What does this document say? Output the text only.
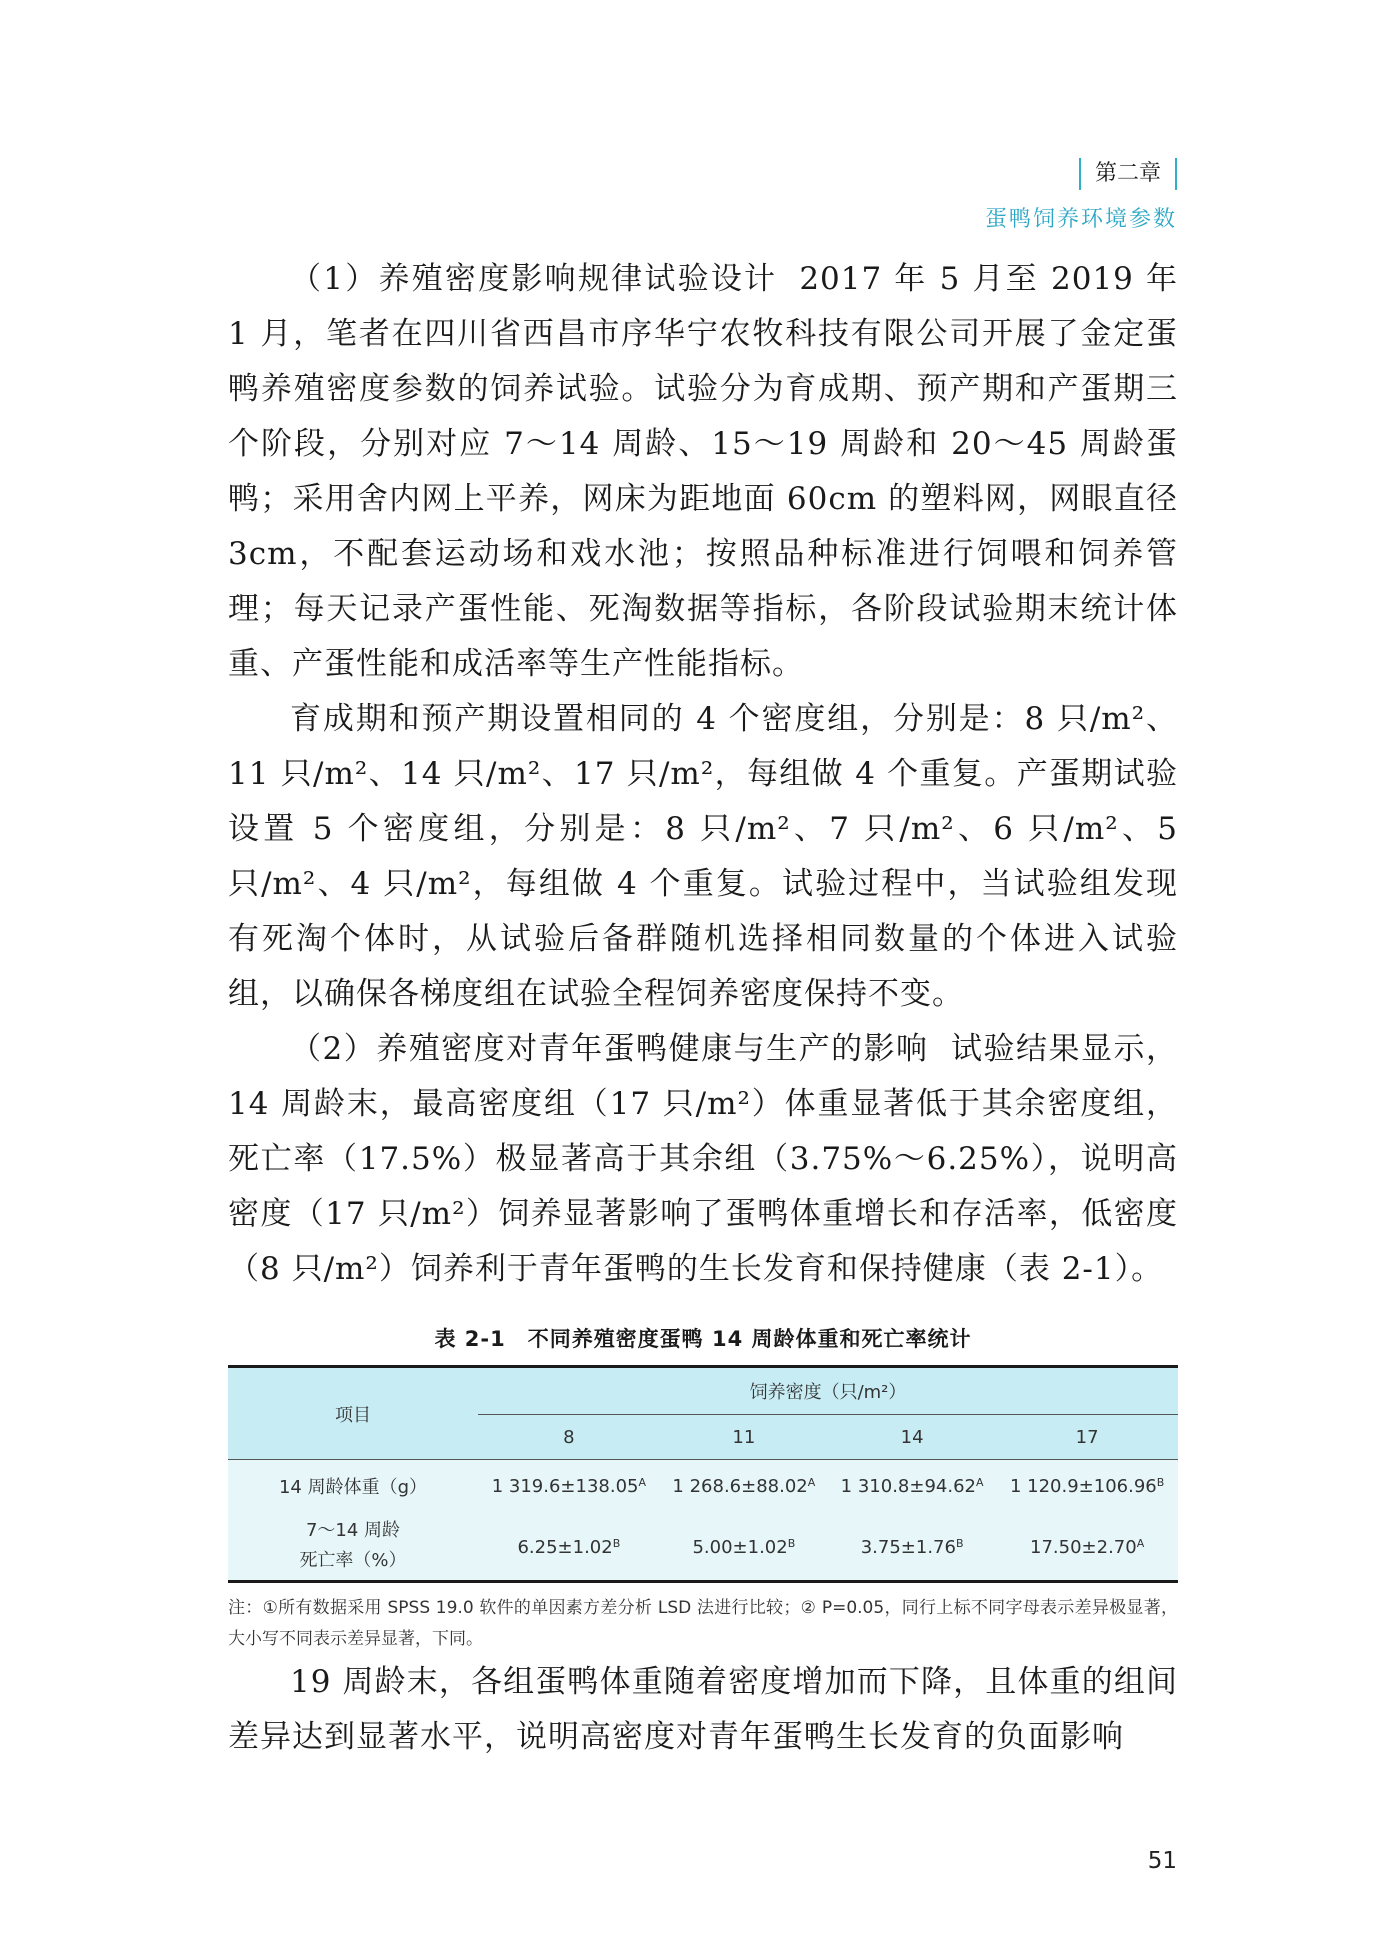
第二章
蛋鸭饲养环境参数

（1）养殖密度影响规律试验设计 2017 年 5 月至 2019 年 1 月，笔者在四川省西昌市序华宁农牧科技有限公司开展了金定蛋鸭养殖密度参数的饲养试验。试验分为育成期、预产期和产蛋期三个阶段，分别对应 7～14 周龄、15～19 周龄和 20～45 周龄蛋鸭；采用舍内网上平养，网床为距地面 60cm 的塑料网，网眼直径 3cm，不配套运动场和戏水池；按照品种标准进行饲喂和饲养管理；每天记录产蛋性能、死淘数据等指标，各阶段试验期末统计体重、产蛋性能和成活率等生产性能指标。

育成期和预产期设置相同的 4 个密度组，分别是：8 只/m²、11 只/m²、14 只/m²、17 只/m²，每组做 4 个重复。产蛋期试验设置 5 个密度组，分别是：8 只/m²、7 只/m²、6 只/m²、5 只/m²、4 只/m²，每组做 4 个重复。试验过程中，当试验组发现有死淘个体时，从试验后备群随机选择相同数量的个体进入试验组，以确保各梯度组在试验全程饲养密度保持不变。

（2）养殖密度对青年蛋鸭健康与生产的影响 试验结果显示，14 周龄末，最高密度组（17 只/m²）体重显著低于其余密度组，死亡率（17.5%）极显著高于其余组（3.75%～6.25%），说明高密度（17 只/m²）饲养显著影响了蛋鸭体重增长和存活率，低密度（8 只/m²）饲养利于青年蛋鸭的生长发育和保持健康（表 2-1）。

表 2-1　不同养殖密度蛋鸭 14 周龄体重和死亡率统计
项目	饲养密度（只/m²）			
	8	11	14	17
14 周龄体重（g）	1 $319.6\pm 138.05^A$	1 $268.6\pm 88.02^A$	1 $310.8\pm 94.62^A$	1 $120.9\pm 106.96^B$
7～14 周龄
死亡率（%）	$6.25\pm 1.02^B$	$5.00\pm 1.02^B$	$3.75\pm 1.76^B$	$17.50\pm 2.70^A$
注：①所有数据采用 SPSS 19.0 软件的单因素方差分析 LSD 法进行比较；② P=0.05，同行上标不同字母表示差异极显著，大小写不同表示差异显著，下同。

19 周龄末，各组蛋鸭体重随着密度增加而下降，且体重的组间差异达到显著水平，说明高密度对青年蛋鸭生长发育的负面影响

51
